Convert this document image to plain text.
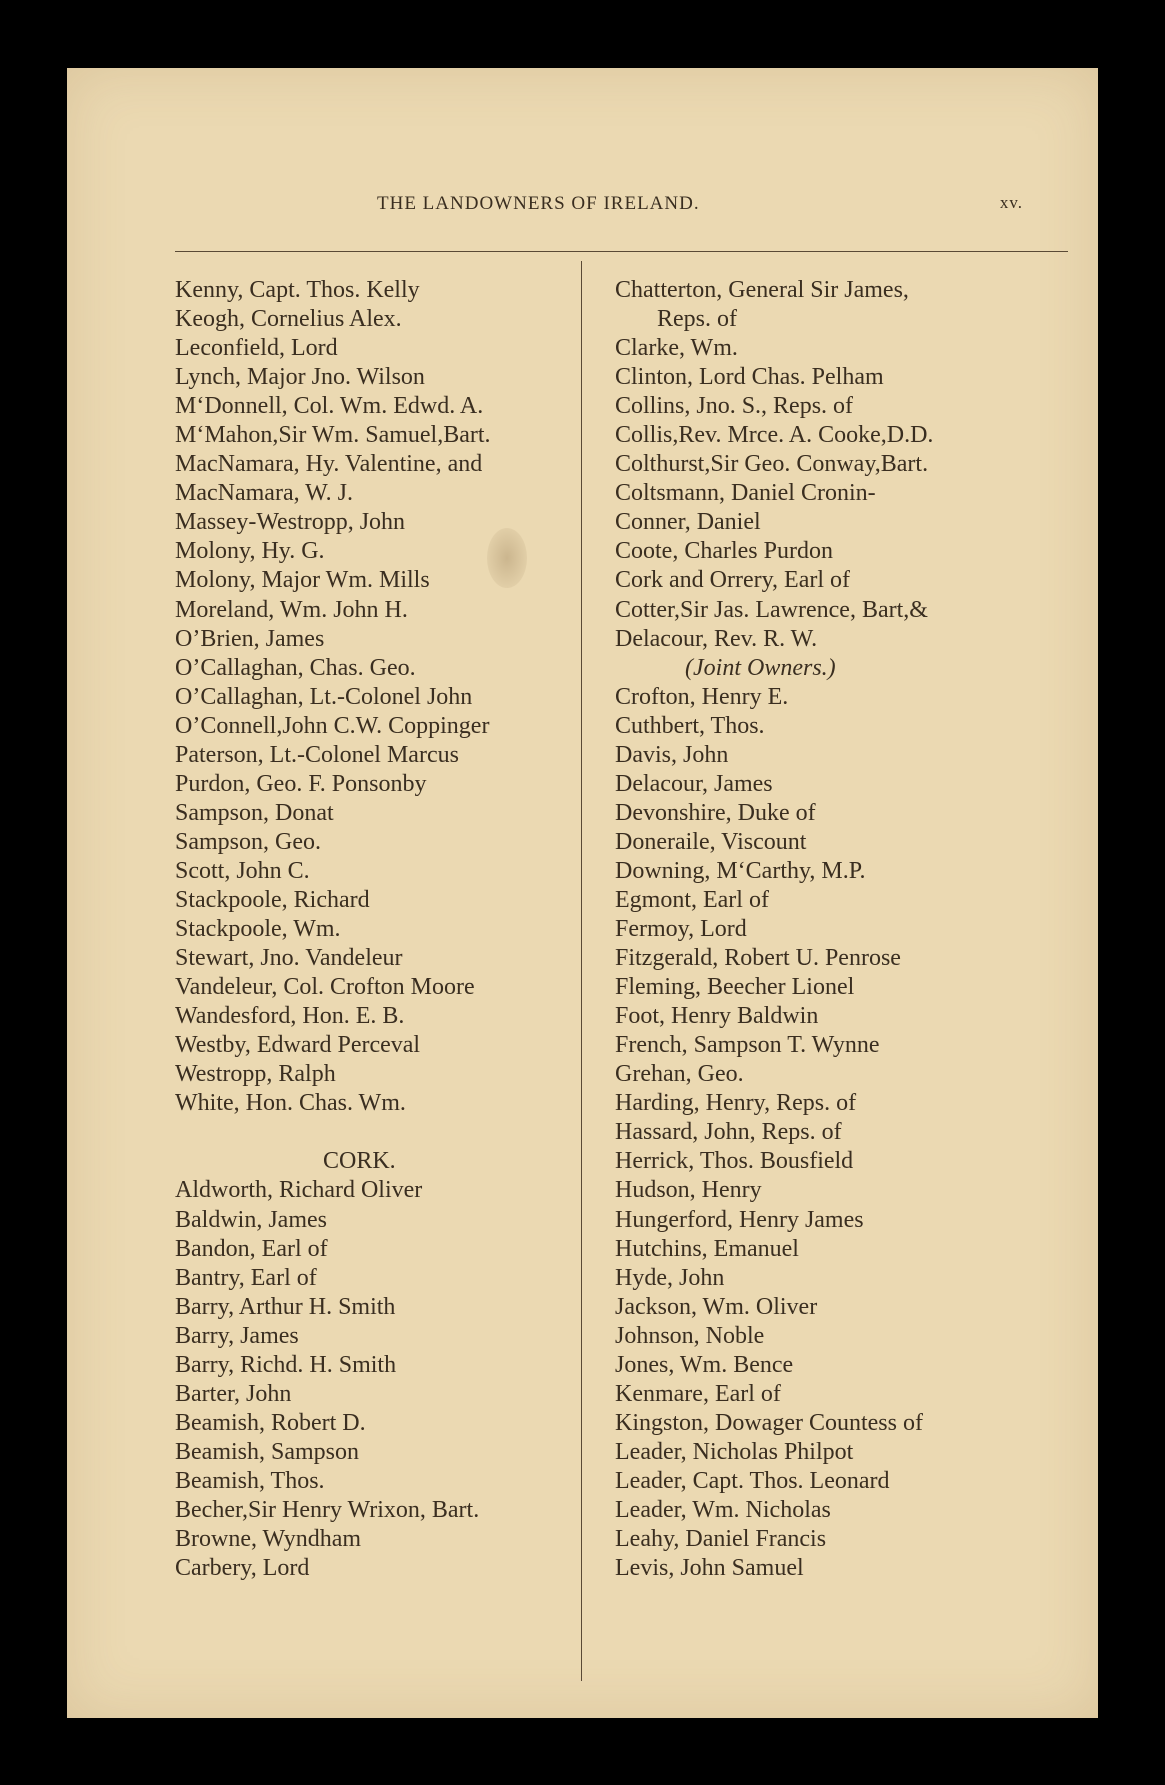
THE LANDOWNERS OF IRELAND.	xv.
Kenny, Capt. Thos. Kelly
Keogh, Cornelius Alex.
Leconfield, Lord
Lynch, Major Jno. Wilson
M‘Donnell, Col. Wm. Edwd. A.
M‘Mahon,Sir Wm. Samuel,Bart.
MacNamara, Hy. Valentine, and
MacNamara, W. J.
Massey-Westropp, John
Molony, Hy. G.
Molony, Major Wm. Mills
Moreland, Wm. John H.
O’Brien, James
O’Callaghan, Chas. Geo.
O’Callaghan, Lt.-Colonel John
O’Connell,John C.W. Coppinger
Paterson, Lt.-Colonel Marcus
Purdon, Geo. F. Ponsonby
Sampson, Donat
Sampson, Geo.
Scott, John C.
Stackpoole, Richard
Stackpoole, Wm.
Stewart, Jno. Vandeleur
Vandeleur, Col. Crofton Moore
Wandesford, Hon. E. B.
Westby, Edward Perceval
Westropp, Ralph
White, Hon. Chas. Wm.
CORK.
Aldworth, Richard Oliver
Baldwin, James
Bandon, Earl of
Bantry, Earl of
Barry, Arthur H. Smith
Barry, James
Barry, Richd. H. Smith
Barter, John
Beamish, Robert D.
Beamish, Sampson
Beamish, Thos.
Becher,Sir Henry Wrixon, Bart.
Browne, Wyndham
Carbery, Lord
Chatterton, General Sir James,
Reps. of
Clarke, Wm.
Clinton, Lord Chas. Pelham
Collins, Jno. S., Reps. of
Collis,Rev. Mrce. A. Cooke,D.D.
Colthurst,Sir Geo. Conway,Bart.
Coltsmann, Daniel Cronin-
Conner, Daniel
Coote, Charles Purdon
Cork and Orrery, Earl of
Cotter,Sir Jas. Lawrence, Bart,&
Delacour, Rev. R. W.
(Joint Owners.)
Crofton, Henry E.
Cuthbert, Thos.
Davis, John
Delacour, James
Devonshire, Duke of
Doneraile, Viscount
Downing, M‘Carthy, M.P.
Egmont, Earl of
Fermoy, Lord
Fitzgerald, Robert U. Penrose
Fleming, Beecher Lionel
Foot, Henry Baldwin
French, Sampson T. Wynne
Grehan, Geo.
Harding, Henry, Reps. of
Hassard, John, Reps. of
Herrick, Thos. Bousfield
Hudson, Henry
Hungerford, Henry James
Hutchins, Emanuel
Hyde, John
Jackson, Wm. Oliver
Johnson, Noble
Jones, Wm. Bence
Kenmare, Earl of
Kingston, Dowager Countess of
Leader, Nicholas Philpot
Leader, Capt. Thos. Leonard
Leader, Wm. Nicholas
Leahy, Daniel Francis
Levis, John Samuel
